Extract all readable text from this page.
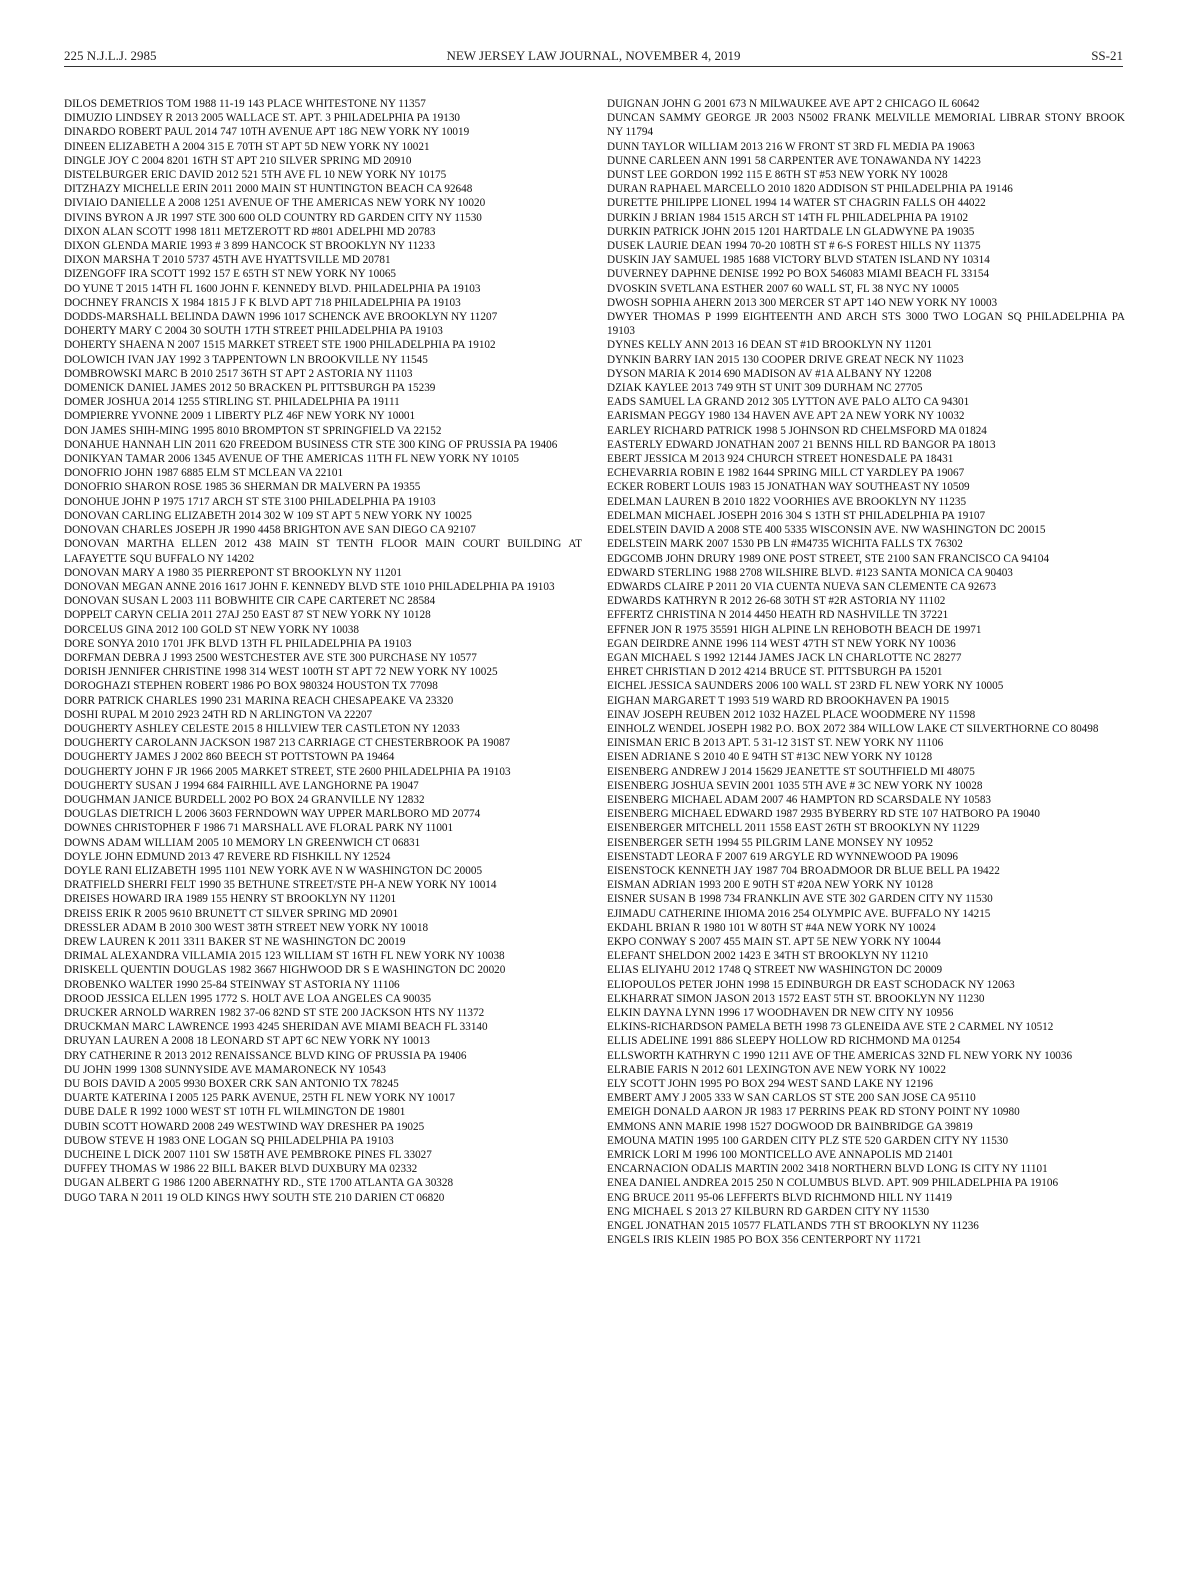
225 N.J.L.J. 2985	NEW JERSEY LAW JOURNAL, NOVEMBER 4, 2019	SS-21

DILOS DEMETRIOS TOM 1988 11-19 143 PLACE WHITESTONE NY 11357

DIMUZIO LINDSEY R 2013 2005 WALLACE ST. APT. 3 PHILADELPHIA PA 19130

DINARDO ROBERT PAUL 2014 747 10TH AVENUE APT 18G NEW YORK NY 10019

DINEEN ELIZABETH A 2004 315 E 70TH ST APT 5D NEW YORK NY 10021

DINGLE JOY C 2004 8201 16TH ST APT 210 SILVER SPRING MD 20910

DISTELBURGER ERIC DAVID 2012 521 5TH AVE FL 10 NEW YORK NY 10175

DITZHAZY MICHELLE ERIN 2011 2000 MAIN ST HUNTINGTON BEACH CA 92648

DIVIAIO DANIELLE A 2008 1251 AVENUE OF THE AMERICAS NEW YORK NY 10020

DIVINS BYRON A JR 1997 STE 300 600 OLD COUNTRY RD GARDEN CITY NY 11530

DIXON ALAN SCOTT 1998 1811 METZEROTT RD #801 ADELPHI MD 20783

DIXON GLENDA MARIE 1993 # 3 899 HANCOCK ST BROOKLYN NY 11233

DIXON MARSHA T 2010 5737 45TH AVE HYATTSVILLE MD 20781

DIZENGOFF IRA SCOTT 1992 157 E 65TH ST NEW YORK NY 10065

DO YUNE T 2015 14TH FL 1600 JOHN F. KENNEDY BLVD. PHILADELPHIA PA 19103

DOCHNEY FRANCIS X 1984 1815 J F K BLVD APT 718 PHILADELPHIA PA 19103

DODDS-MARSHALL BELINDA DAWN 1996 1017 SCHENCK AVE BROOKLYN NY 11207

DOHERTY MARY C 2004 30 SOUTH 17TH STREET PHILADELPHIA PA 19103

DOHERTY SHAENA N 2007 1515 MARKET STREET STE 1900 PHILADELPHIA PA 19102

DOLOWICH IVAN JAY 1992 3 TAPPENTOWN LN BROOKVILLE NY 11545

DOMBROWSKI MARC B 2010 2517 36TH ST APT 2 ASTORIA NY 11103

DOMENICK DANIEL JAMES 2012 50 BRACKEN PL PITTSBURGH PA 15239

DOMER JOSHUA 2014 1255 STIRLING ST. PHILADELPHIA PA 19111

DOMPIERRE YVONNE 2009 1 LIBERTY PLZ 46F NEW YORK NY 10001

DON JAMES SHIH-MING 1995 8010 BROMPTON ST SPRINGFIELD VA 22152

DONAHUE HANNAH LIN 2011 620 FREEDOM BUSINESS CTR STE 300 KING OF PRUSSIA PA 19406

DONIKYAN TAMAR 2006 1345 AVENUE OF THE AMERICAS 11TH FL NEW YORK NY 10105

DONOFRIO JOHN 1987 6885 ELM ST MCLEAN VA 22101

DONOFRIO SHARON ROSE 1985 36 SHERMAN DR MALVERN PA 19355

DONOHUE JOHN P 1975 1717 ARCH ST STE 3100 PHILADELPHIA PA 19103

DONOVAN CARLING ELIZABETH 2014 302 W 109 ST APT 5 NEW YORK NY 10025

DONOVAN CHARLES JOSEPH JR 1990 4458 BRIGHTON AVE SAN DIEGO CA 92107

DONOVAN MARTHA ELLEN 2012 438 MAIN ST TENTH FLOOR MAIN COURT BUILDING AT LAFAYETTE SQU BUFFALO NY 14202

DONOVAN MARY A 1980 35 PIERREPONT ST BROOKLYN NY 11201

DONOVAN MEGAN ANNE 2016 1617 JOHN F. KENNEDY BLVD STE 1010 PHILADELPHIA PA 19103

DONOVAN SUSAN L 2003 111 BOBWHITE CIR CAPE CARTERET NC 28584

DOPPELT CARYN CELIA 2011 27AJ 250 EAST 87 ST NEW YORK NY 10128

DORCELUS GINA 2012 100 GOLD ST NEW YORK NY 10038

DORE SONYA 2010 1701 JFK BLVD 13TH FL PHILADELPHIA PA 19103

DORFMAN DEBRA J 1993 2500 WESTCHESTER AVE STE 300 PURCHASE NY 10577

DORISH JENNIFER CHRISTINE 1998 314 WEST 100TH ST APT 72 NEW YORK NY 10025

DOROGHAZI STEPHEN ROBERT 1986 PO BOX 980324 HOUSTON TX 77098

DORR PATRICK CHARLES 1990 231 MARINA REACH CHESAPEAKE VA 23320

DOSHI RUPAL M 2010 2923 24TH RD N ARLINGTON VA 22207

DOUGHERTY ASHLEY CELESTE 2015 8 HILLVIEW TER CASTLETON NY 12033

DOUGHERTY CAROLANN JACKSON 1987 213 CARRIAGE CT CHESTERBROOK PA 19087

DOUGHERTY JAMES J 2002 860 BEECH ST POTTSTOWN PA 19464

DOUGHERTY JOHN F JR 1966 2005 MARKET STREET, STE 2600 PHILADELPHIA PA 19103

DOUGHERTY SUSAN J 1994 684 FAIRHILL AVE LANGHORNE PA 19047

DOUGHMAN JANICE BURDELL 2002 PO BOX 24 GRANVILLE NY 12832

DOUGLAS DIETRICH L 2006 3603 FERNDOWN WAY UPPER MARLBORO MD 20774

DOWNES CHRISTOPHER F 1986 71 MARSHALL AVE FLORAL PARK NY 11001

DOWNS ADAM WILLIAM 2005 10 MEMORY LN GREENWICH CT 06831

DOYLE JOHN EDMUND 2013 47 REVERE RD FISHKILL NY 12524

DOYLE RANI ELIZABETH 1995 1101 NEW YORK AVE N W WASHINGTON DC 20005

DRATFIELD SHERRI FELT 1990 35 BETHUNE STREET/STE PH-A NEW YORK NY 10014

DREISES HOWARD IRA 1989 155 HENRY ST BROOKLYN NY 11201

DREISS ERIK R 2005 9610 BRUNETT CT SILVER SPRING MD 20901

DRESSLER ADAM B 2010 300 WEST 38TH STREET NEW YORK NY 10018

DREW LAUREN K 2011 3311 BAKER ST NE WASHINGTON DC 20019

DRIMAL ALEXANDRA VILLAMIA 2015 123 WILLIAM ST 16TH FL NEW YORK NY 10038

DRISKELL QUENTIN DOUGLAS 1982 3667 HIGHWOOD DR S E WASHINGTON DC 20020

DROBENKO WALTER 1990 25-84 STEINWAY ST ASTORIA NY 11106

DROOD JESSICA ELLEN 1995 1772 S. HOLT AVE LOA ANGELES CA 90035

DRUCKER ARNOLD WARREN 1982 37-06 82ND ST STE 200 JACKSON HTS NY 11372

DRUCKMAN MARC LAWRENCE 1993 4245 SHERIDAN AVE MIAMI BEACH FL 33140

DRUYAN LAUREN A 2008 18 LEONARD ST APT 6C NEW YORK NY 10013

DRY CATHERINE R 2013 2012 RENAISSANCE BLVD KING OF PRUSSIA PA 19406

DU JOHN 1999 1308 SUNNYSIDE AVE MAMARONECK NY 10543

DU BOIS DAVID A 2005 9930 BOXER CRK SAN ANTONIO TX 78245

DUARTE KATERINA I 2005 125 PARK AVENUE, 25TH FL NEW YORK NY 10017

DUBE DALE R 1992 1000 WEST ST 10TH FL WILMINGTON DE 19801

DUBIN SCOTT HOWARD 2008 249 WESTWIND WAY DRESHER PA 19025

DUBOW STEVE H 1983 ONE LOGAN SQ PHILADELPHIA PA 19103

DUCHEINE L DICK 2007 1101 SW 158TH AVE PEMBROKE PINES FL 33027

DUFFEY THOMAS W 1986 22 BILL BAKER BLVD DUXBURY MA 02332

DUGAN ALBERT G 1986 1200 ABERNATHY RD., STE 1700 ATLANTA GA 30328

DUGO TARA N 2011 19 OLD KINGS HWY SOUTH STE 210 DARIEN CT 06820

DUIGNAN JOHN G 2001 673 N MILWAUKEE AVE APT 2 CHICAGO IL 60642

DUNCAN SAMMY GEORGE JR 2003 N5002 FRANK MELVILLE MEMORIAL LIBRAR STONY BROOK NY 11794

DUNN TAYLOR WILLIAM 2013 216 W FRONT ST 3RD FL MEDIA PA 19063

DUNNE CARLEEN ANN 1991 58 CARPENTER AVE TONAWANDA NY 14223

DUNST LEE GORDON 1992 115 E 86TH ST #53 NEW YORK NY 10028

DURAN RAPHAEL MARCELLO 2010 1820 ADDISON ST PHILADELPHIA PA 19146

DURETTE PHILIPPE LIONEL 1994 14 WATER ST CHAGRIN FALLS OH 44022

DURKIN J BRIAN 1984 1515 ARCH ST 14TH FL PHILADELPHIA PA 19102

DURKIN PATRICK JOHN 2015 1201 HARTDALE LN GLADWYNE PA 19035

DUSEK LAURIE DEAN 1994 70-20 108TH ST # 6-S FOREST HILLS NY 11375

DUSKIN JAY SAMUEL 1985 1688 VICTORY BLVD STATEN ISLAND NY 10314

DUVERNEY DAPHNE DENISE 1992 PO BOX 546083 MIAMI BEACH FL 33154

DVOSKIN SVETLANA ESTHER 2007 60 WALL ST, FL 38 NYC NY 10005

DWOSH SOPHIA AHERN 2013 300 MERCER ST APT 14O NEW YORK NY 10003

DWYER THOMAS P 1999 EIGHTEENTH AND ARCH STS 3000 TWO LOGAN SQ PHILADELPHIA PA 19103

DYNES KELLY ANN 2013 16 DEAN ST #1D BROOKLYN NY 11201

DYNKIN BARRY IAN 2015 130 COOPER DRIVE GREAT NECK NY 11023

DYSON MARIA K 2014 690 MADISON AV #1A ALBANY NY 12208

DZIAK KAYLEE 2013 749 9TH ST UNIT 309 DURHAM NC 27705

EADS SAMUEL LA GRAND 2012 305 LYTTON AVE PALO ALTO CA 94301

EARISMAN PEGGY 1980 134 HAVEN AVE APT 2A NEW YORK NY 10032

EARLEY RICHARD PATRICK 1998 5 JOHNSON RD CHELMSFORD MA 01824

EASTERLY EDWARD JONATHAN 2007 21 BENNS HILL RD BANGOR PA 18013

EBERT JESSICA M 2013 924 CHURCH STREET HONESDALE PA 18431

ECHEVARRIA ROBIN E 1982 1644 SPRING MILL CT YARDLEY PA 19067

ECKER ROBERT LOUIS 1983 15 JONATHAN WAY SOUTHEAST NY 10509

EDELMAN LAUREN B 2010 1822 VOORHIES AVE BROOKLYN NY 11235

EDELMAN MICHAEL JOSEPH 2016 304 S 13TH ST PHILADELPHIA PA 19107

EDELSTEIN DAVID A 2008 STE 400 5335 WISCONSIN AVE. NW WASHINGTON DC 20015

EDELSTEIN MARK 2007 1530 PB LN #M4735 WICHITA FALLS TX 76302

EDGCOMB JOHN DRURY 1989 ONE POST STREET, STE 2100 SAN FRANCISCO CA 94104

EDWARD STERLING 1988 2708 WILSHIRE BLVD. #123 SANTA MONICA CA 90403

EDWARDS CLAIRE P 2011 20 VIA CUENTA NUEVA SAN CLEMENTE CA 92673

EDWARDS KATHRYN R 2012 26-68 30TH ST #2R ASTORIA NY 11102

EFFERTZ CHRISTINA N 2014 4450 HEATH RD NASHVILLE TN 37221

EFFNER JON R 1975 35591 HIGH ALPINE LN REHOBOTH BEACH DE 19971

EGAN DEIRDRE ANNE 1996 114 WEST 47TH ST NEW YORK NY 10036

EGAN MICHAEL S 1992 12144 JAMES JACK LN CHARLOTTE NC 28277

EHRET CHRISTIAN D 2012 4214 BRUCE ST. PITTSBURGH PA 15201

EICHEL JESSICA SAUNDERS 2006 100 WALL ST 23RD FL NEW YORK NY 10005

EIGHAN MARGARET T 1993 519 WARD RD BROOKHAVEN PA 19015

EINAV JOSEPH REUBEN 2012 1032 HAZEL PLACE WOODMERE NY 11598

EINHOLZ WENDEL JOSEPH 1982 P.O. BOX 2072 384 WILLOW LAKE CT SILVERTHORNE CO 80498

EINISMAN ERIC B 2013 APT. 5 31-12 31ST ST. NEW YORK NY 11106

EISEN ADRIANE S 2010 40 E 94TH ST #13C NEW YORK NY 10128

EISENBERG ANDREW J 2014 15629 JEANETTE ST SOUTHFIELD MI 48075

EISENBERG JOSHUA SEVIN 2001 1035 5TH AVE # 3C NEW YORK NY 10028

EISENBERG MICHAEL ADAM 2007 46 HAMPTON RD SCARSDALE NY 10583

EISENBERG MICHAEL EDWARD 1987 2935 BYBERRY RD STE 107 HATBORO PA 19040

EISENBERGER MITCHELL 2011 1558 EAST 26TH ST BROOKLYN NY 11229

EISENBERGER SETH 1994 55 PILGRIM LANE MONSEY NY 10952

EISENSTADT LEORA F 2007 619 ARGYLE RD WYNNEWOOD PA 19096

EISENSTOCK KENNETH JAY 1987 704 BROADMOOR DR BLUE BELL PA 19422

EISMAN ADRIAN 1993 200 E 90TH ST #20A NEW YORK NY 10128

EISNER SUSAN B 1998 734 FRANKLIN AVE STE 302 GARDEN CITY NY 11530

EJIMADU CATHERINE IHIOMA 2016 254 OLYMPIC AVE. BUFFALO NY 14215

EKDAHL BRIAN R 1980 101 W 80TH ST #4A NEW YORK NY 10024

EKPO CONWAY S 2007 455 MAIN ST. APT 5E NEW YORK NY 10044

ELEFANT SHELDON 2002 1423 E 34TH ST BROOKLYN NY 11210

ELIAS ELIYAHU 2012 1748 Q STREET NW WASHINGTON DC 20009

ELIOPOULOS PETER JOHN 1998 15 EDINBURGH DR EAST SCHODACK NY 12063

ELKHARRAT SIMON JASON 2013 1572 EAST 5TH ST. BROOKLYN NY 11230

ELKIN DAYNA LYNN 1996 17 WOODHAVEN DR NEW CITY NY 10956

ELKINS-RICHARDSON PAMELA BETH 1998 73 GLENEIDA AVE STE 2 CARMEL NY 10512

ELLIS ADELINE 1991 886 SLEEPY HOLLOW RD RICHMOND MA 01254

ELLSWORTH KATHRYN C 1990 1211 AVE OF THE AMERICAS 32ND FL NEW YORK NY 10036

ELRABIE FARIS N 2012 601 LEXINGTON AVE NEW YORK NY 10022

ELY SCOTT JOHN 1995 PO BOX 294 WEST SAND LAKE NY 12196

EMBERT AMY J 2005 333 W SAN CARLOS ST STE 200 SAN JOSE CA 95110

EMEIGH DONALD AARON JR 1983 17 PERRINS PEAK RD STONY POINT NY 10980

EMMONS ANN MARIE 1998 1527 DOGWOOD DR BAINBRIDGE GA 39819

EMOUNA MATIN 1995 100 GARDEN CITY PLZ STE 520 GARDEN CITY NY 11530

EMRICK LORI M 1996 100 MONTICELLO AVE ANNAPOLIS MD 21401

ENCARNACION ODALIS MARTIN 2002 3418 NORTHERN BLVD LONG IS CITY NY 11101

ENEA DANIEL ANDREA 2015 250 N COLUMBUS BLVD. APT. 909 PHILADELPHIA PA 19106

ENG BRUCE 2011 95-06 LEFFERTS BLVD RICHMOND HILL NY 11419

ENG MICHAEL S 2013 27 KILBURN RD GARDEN CITY NY 11530

ENGEL JONATHAN 2015 10577 FLATLANDS 7TH ST BROOKLYN NY 11236

ENGELS IRIS KLEIN 1985 PO BOX 356 CENTERPORT NY 11721
